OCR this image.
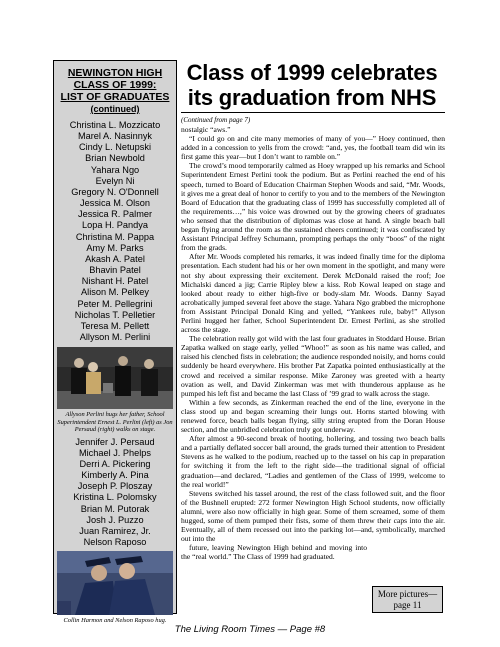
NEWINGTON HIGH
CLASS OF 1999:
LIST OF GRADUATES
(continued)
Christina L. Mozzicato
Marel A. Nasinnyk
Cindy L. Netupski
Brian Newbold
Yahara Ngo
Evelyn Ni
Gregory N. O'Donnell
Jessica M. Olson
Jessica R. Palmer
Lopa H. Pandya
Christina M. Pappa
Amy M. Parks
Akash A. Patel
Bhavin Patel
Nishant H. Patel
Alison M. Pelkey
Peter M. Pellegrini
Nicholas T. Pelletier
Teresa M. Pellett
Allyson M. Perlini
Allyson Perlini hugs her father, School Superintendent Ernest L. Perlini (left) as Jon Persaud (right) walks on stage.
Jennifer J. Persaud
Michael J. Phelps
Derri A. Pickering
Kimberly A. Pina
Joseph P. Ploszay
Kristina L. Polomsky
Brian M. Putorak
Josh J. Puzzo
Juan Ramirez, Jr.
Nelson Raposo
Collin Harmon and Nelson Raposo hug.
Class of 1999 celebrates
its graduation from NHS
(Continued from page 7)

nostalgic “aws.”

“I could go on and cite many memories of many of you—” Hoey continued, then added in a concession to yells from the crowd: “and, yes, the football team did win its first game this year—but I don’t want to ramble on.”

The crowd’s mood temporarily calmed as Hoey wrapped up his remarks and School Superintendent Ernest Perlini took the podium. But as Perlini reached the end of his speech, turned to Board of Education Chairman Stephen Woods and said, “Mr. Woods, it gives me a great deal of honor to certify to you and to the members of the Newington Board of Education that the graduating class of 1999 has successfully completed all of the requirements…,” his voice was drowned out by the growing cheers of graduates who sensed that the distribution of diplomas was close at hand. A single beach ball began flying around the room as the sustained cheers continued; it was confiscated by Assistant Principal Jeffrey Schumann, prompting perhaps the only “boos” of the night from the grads.

After Mr. Woods completed his remarks, it was indeed finally time for the diploma presentation. Each student had his or her own moment in the spotlight, and many were not shy about expressing their excitement. Derek McDonald raised the roof; Joe Michalski danced a jig; Carrie Ripley blew a kiss. Rob Kowal leaped on stage and looked about ready to either high-five or body-slam Mr. Woods. Danny Sayad acrobatically jumped several feet above the stage. Yahara Ngo grabbed the microphone from Assistant Principal Donald King and yelled, “Yankees rule, baby!” Allyson Perlini hugged her father, School Superintendent Dr. Ernest Perlini, as she strolled across the stage.

The celebration really got wild with the last four graduates in Stoddard House. Brian Zapatka walked on stage early, yelled “Whoo!” as soon as his name was called, and raised his clenched fists in celebration; the audience responded noisily, and horns could suddenly be heard everywhere. His brother Pat Zapatka pointed enthusiastically at the crowd and received a similar response. Mike Zaroney was greeted with a hearty ovation as well, and David Zinkerman was met with thunderous applause as he pumped his left fist and became the last Class of ’99 grad to walk across the stage.

Within a few seconds, as Zinkerman reached the end of the line, everyone in the class stood up and began screaming their lungs out. Horns started blowing with renewed force, beach balls began flying, silly string erupted from the Doran House section, and the unbridled celebration truly got underway.

After almost a 90-second break of hooting, hollering, and tossing two beach balls and a partially deflated soccer ball around, the grads turned their attention to President Stevens as he walked to the podium, reached up to the tassel on his cap in preparation for switching it from the left to the right side—the traditional signal of official graduation—and declared, “Ladies and gentlemen of the Class of 1999, welcome to the real world!”

Stevens switched his tassel around, the rest of the class followed suit, and the floor of the Bushnell erupted: 272 former Newington High School students, now officially alumni, were also now officially in high gear. Some of them screamed, some of them hugged, some of them pumped their fists, some of them threw their caps into the air. Eventually, all of them recessed out into the parking lot—and, symbolically, marched out into the

future, leaving Newington High behind and moving into the “real world.” The Class of 1999 had graduated.

More pictures—
page 11
The Living Room Times — Page #8
